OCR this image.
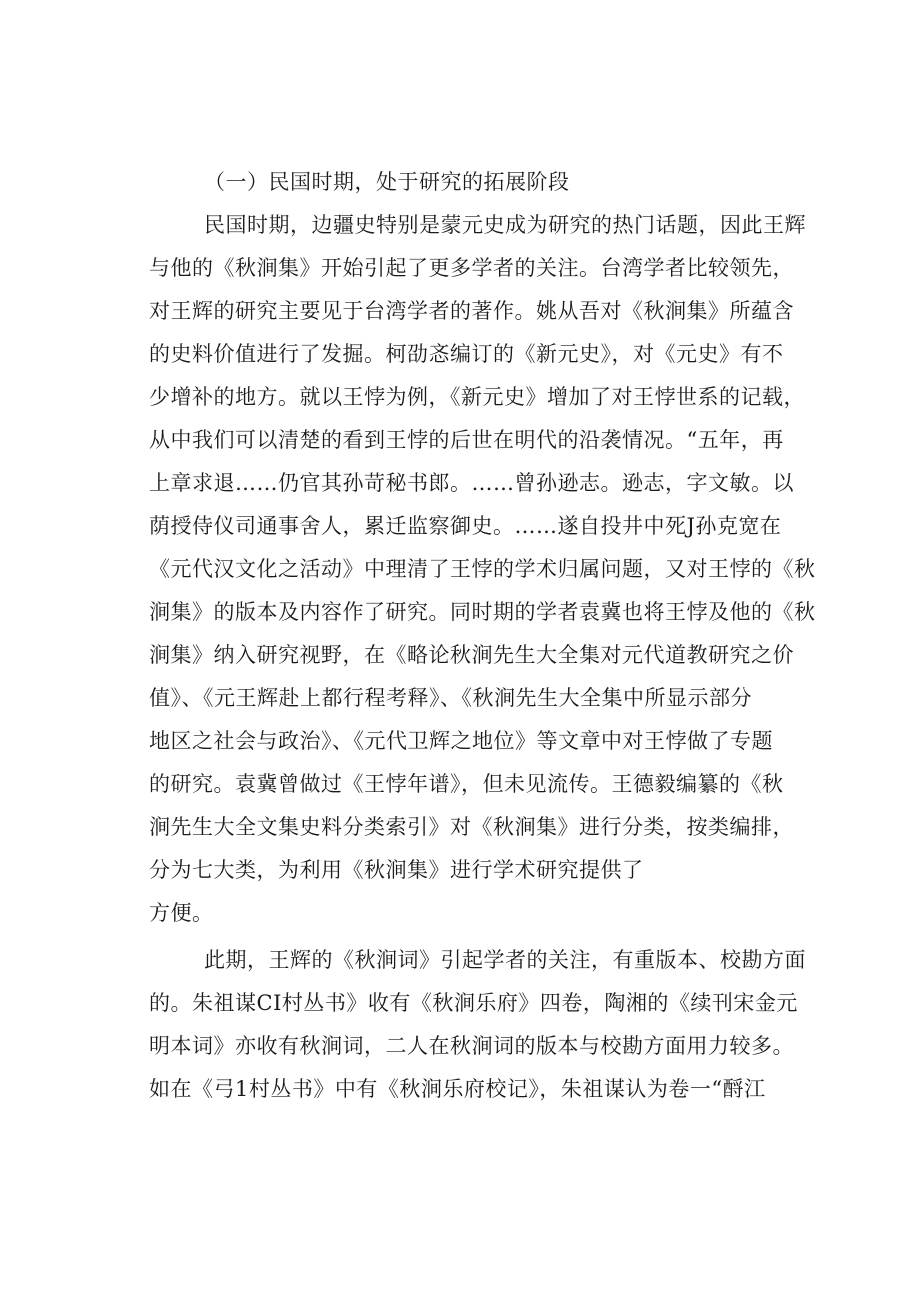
（一）民国时期，处于研究的拓展阶段
民国时期，边疆史特别是蒙元史成为研究的热门话题，因此王辉
与他的《秋涧集》开始引起了更多学者的关注。台湾学者比较领先，
对王辉的研究主要见于台湾学者的著作。姚从吾对《秋涧集》所蕴含
的史料价值进行了发掘。柯劭忞编订的《新元史》，对《元史》有不
少增补的地方。就以王悖为例，《新元史》增加了对王悖世系的记载，
从中我们可以清楚的看到王悖的后世在明代的沿袭情况。“五年，再
上章求退……仍官其孙苛秘书郎。……曾孙逊志。逊志，字文敏。以
荫授侍仪司通事舍人，累迁监察御史。……遂自投井中死J孙克宽在
《元代汉文化之活动》中理清了王悖的学术归属问题，又对王悖的《秋
涧集》的版本及内容作了研究。同时期的学者袁冀也将王悖及他的《秋
涧集》纳入研究视野，在《略论秋涧先生大全集对元代道教研究之价
值》、《元王辉赴上都行程考释》、《秋涧先生大全集中所显示部分
地区之社会与政治》、《元代卫辉之地位》等文章中对王悖做了专题
的研究。袁冀曾做过《王悖年谱》，但未见流传。王德毅编纂的《秋
涧先生大全文集史料分类索引》对《秋涧集》进行分类，按类编排，
分为七大类，为利用《秋涧集》进行学术研究提供了
方便。
此期，王辉的《秋涧词》引起学者的关注，有重版本、校勘方面
的。朱祖谋CI村丛书》收有《秋涧乐府》四卷，陶湘的《续刊宋金元
明本词》亦收有秋涧词，二人在秋涧词的版本与校勘方面用力较多。
如在《弓1村丛书》中有《秋涧乐府校记》，朱祖谋认为卷一“酹江
